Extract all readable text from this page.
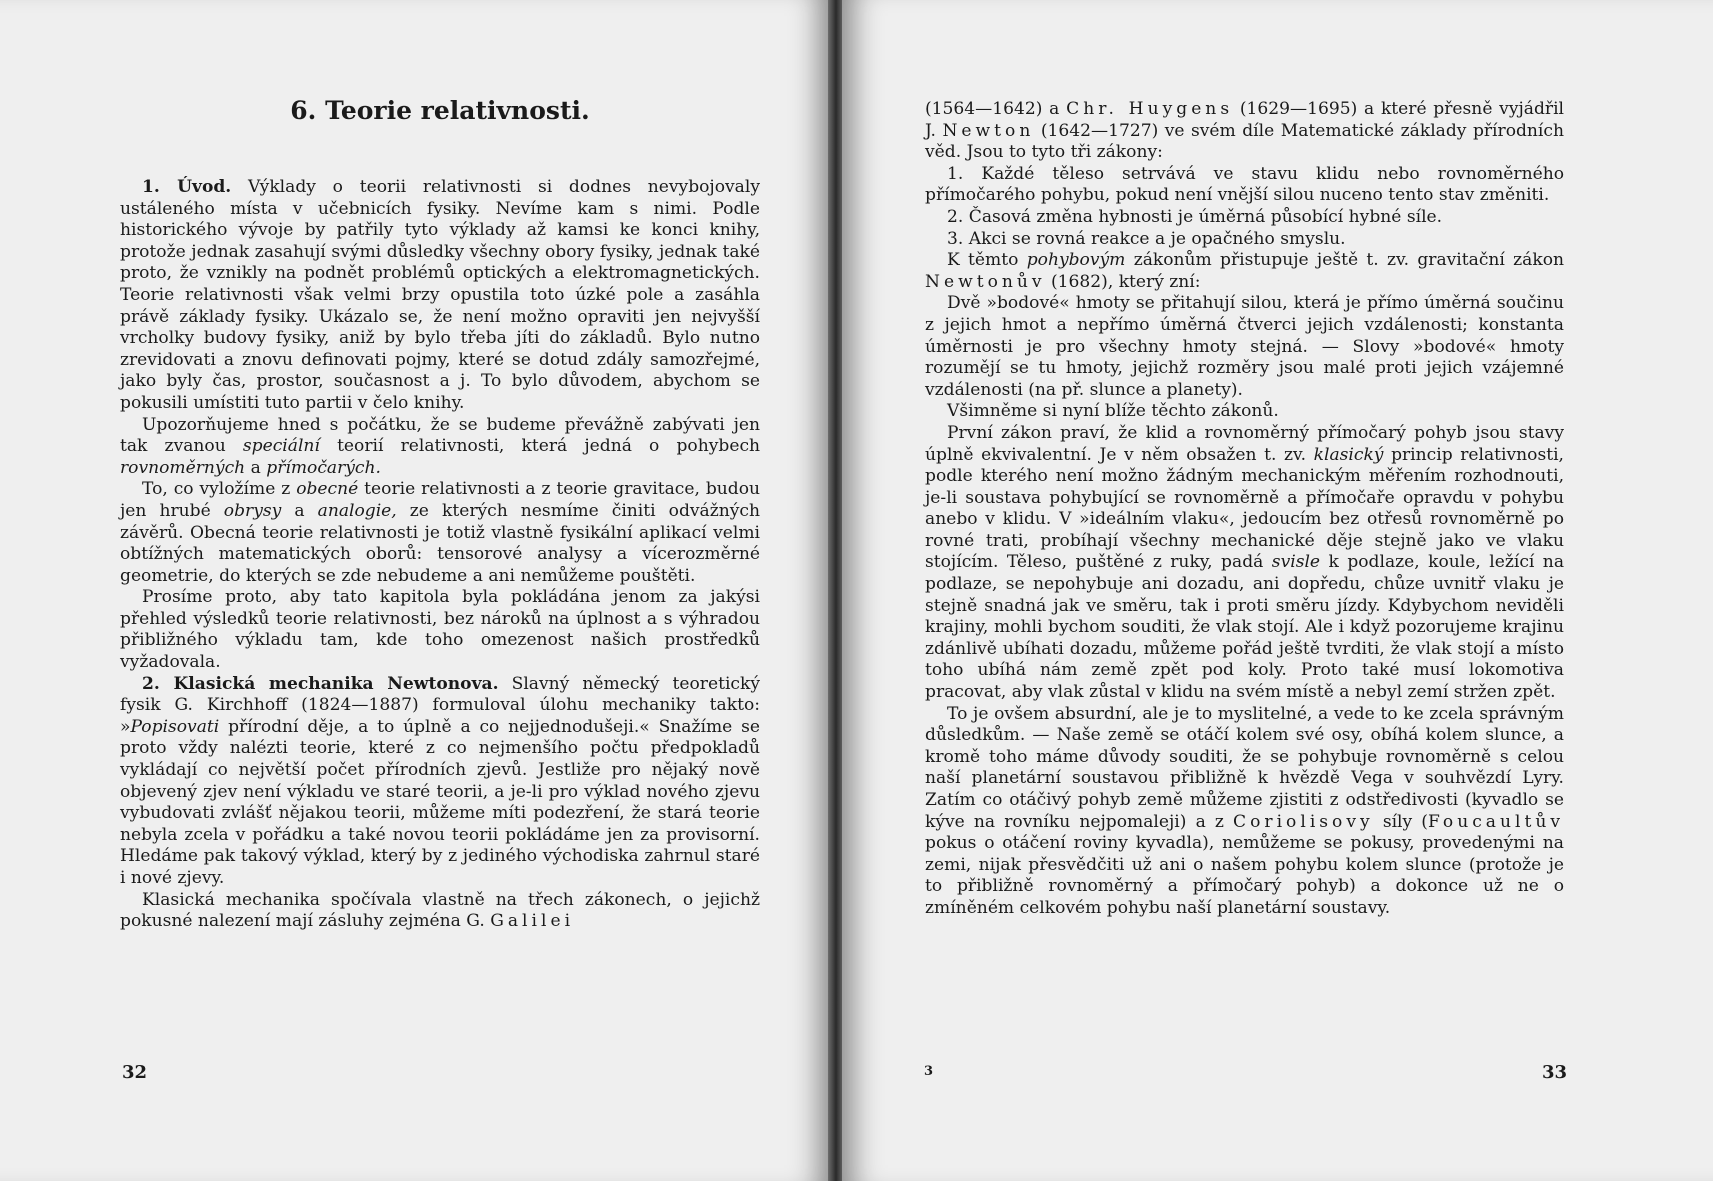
6. Teorie relativnosti.

1. Úvod. Výklady o teorii relativnosti si dodnes nevybojovaly ustáleného místa v učebnicích fysiky. Nevíme kam s nimi. Podle historického vývoje by patřily tyto výklady až kamsi ke konci knihy, protože jednak zasahují svými důsledky všechny obory fysiky, jednak také proto, že vznikly na podnět problémů optických a elektromagnetických. Teorie relativnosti však velmi brzy opustila toto úzké pole a zasáhla právě základy fysiky. Ukázalo se, že není možno opraviti jen nejvyšší vrcholky budovy fysiky, aniž by bylo třeba jíti do základů. Bylo nutno zrevidovati a znovu definovati pojmy, které se dotud zdály samozřejmé, jako byly čas, prostor, současnost a j. To bylo důvodem, abychom se pokusili umístiti tuto partii v čelo knihy.

Upozorňujeme hned s počátku, že se budeme převážně zabývati jen tak zvanou speciální teorií relativnosti, která jedná o pohybech rovnoměrných a přímočarých.

To, co vyložíme z obecné teorie relativnosti a z teorie gravitace, budou jen hrubé obrysy a analogie, ze kterých nesmíme činiti odvážných závěrů. Obecná teorie relativnosti je totiž vlastně fysikální aplikací velmi obtížných matematických oborů: tensorové analysy a vícerozměrné geometrie, do kterých se zde nebudeme a ani nemůžeme pouštěti.

Prosíme proto, aby tato kapitola byla pokládána jenom za jakýsi přehled výsledků teorie relativnosti, bez nároků na úplnost a s výhradou přibližného výkladu tam, kde toho omezenost našich prostředků vyžadovala.

2. Klasická mechanika Newtonova. Slavný německý teoretický fysik G. Kirchhoff (1824—1887) formuloval úlohu mechaniky takto: »Popisovati přírodní děje, a to úplně a co nejjednodušeji.« Snažíme se proto vždy nalézti teorie, které z co nejmenšího počtu předpokladů vykládají co největší počet přírodních zjevů. Jestliže pro nějaký nově objevený zjev není výkladu ve staré teorii, a je-li pro výklad nového zjevu vybudovati zvlášť nějakou teorii, můžeme míti podezření, že stará teorie nebyla zcela v pořádku a také novou teorii pokládáme jen za provisorní. Hledáme pak takový výklad, který by z jediného východiska zahrnul staré i nové zjevy.

Klasická mechanika spočívala vlastně na třech zákonech, o jejichž pokusné nalezení mají zásluhy zejména G. Galilei

32

(1564—1642) a Chr. Huygens (1629—1695) a které přesně vyjádřil J. Newton (1642—1727) ve svém díle Matematické základy přírodních věd. Jsou to tyto tři zákony:

1. Každé těleso setrvává ve stavu klidu nebo rovnoměrného přímočarého pohybu, pokud není vnější silou nuceno tento stav změniti.

2. Časová změna hybnosti je úměrná působící hybné síle.

3. Akci se rovná reakce a je opačného smyslu.

K těmto pohybovým zákonům přistupuje ještě t. zv. gravitační zákon Newtonův (1682), který zní:

Dvě »bodové« hmoty se přitahují silou, která je přímo úměrná součinu z jejich hmot a nepřímo úměrná čtverci jejich vzdálenosti; konstanta úměrnosti je pro všechny hmoty stejná. — Slovy »bodové« hmoty rozumějí se tu hmoty, jejichž rozměry jsou malé proti jejich vzájemné vzdálenosti (na př. slunce a planety).

Všimněme si nyní blíže těchto zákonů.

První zákon praví, že klid a rovnoměrný přímočarý pohyb jsou stavy úplně ekvivalentní. Je v něm obsažen t. zv. klasický princip relativnosti, podle kterého není možno žádným mechanickým měřením rozhodnouti, je-li soustava pohybující se rovnoměrně a přímočaře opravdu v pohybu anebo v klidu. V »ideálním vlaku«, jedoucím bez otřesů rovnoměrně po rovné trati, probíhají všechny mechanické děje stejně jako ve vlaku stojícím. Těleso, puštěné z ruky, padá svisle k podlaze, koule, ležící na podlaze, se nepohybuje ani dozadu, ani dopředu, chůze uvnitř vlaku je stejně snadná jak ve směru, tak i proti směru jízdy. Kdybychom neviděli krajiny, mohli bychom souditi, že vlak stojí. Ale i když pozorujeme krajinu zdánlivě ubíhati dozadu, můžeme pořád ještě tvrditi, že vlak stojí a místo toho ubíhá nám země zpět pod koly. Proto také musí lokomotiva pracovat, aby vlak zůstal v klidu na svém místě a nebyl zemí stržen zpět.

To je ovšem absurdní, ale je to myslitelné, a vede to ke zcela správným důsledkům. — Naše země se otáčí kolem své osy, obíhá kolem slunce, a kromě toho máme důvody souditi, že se pohybuje rovnoměrně s celou naší planetární soustavou přibližně k hvězdě Vega v souhvězdí Lyry. Zatím co otáčivý pohyb země můžeme zjistiti z odstředivosti (kyvadlo se kýve na rovníku nejpomaleji) a z Coriolisovy síly (Foucaultův pokus o otáčení roviny kyvadla), nemůžeme se pokusy, provedenými na zemi, nijak přesvědčiti už ani o našem pohybu kolem slunce (protože je to přibližně rovnoměrný a přímočarý pohyb) a dokonce už ne o zmíněném celkovém pohybu naší planetární soustavy.

3	33
